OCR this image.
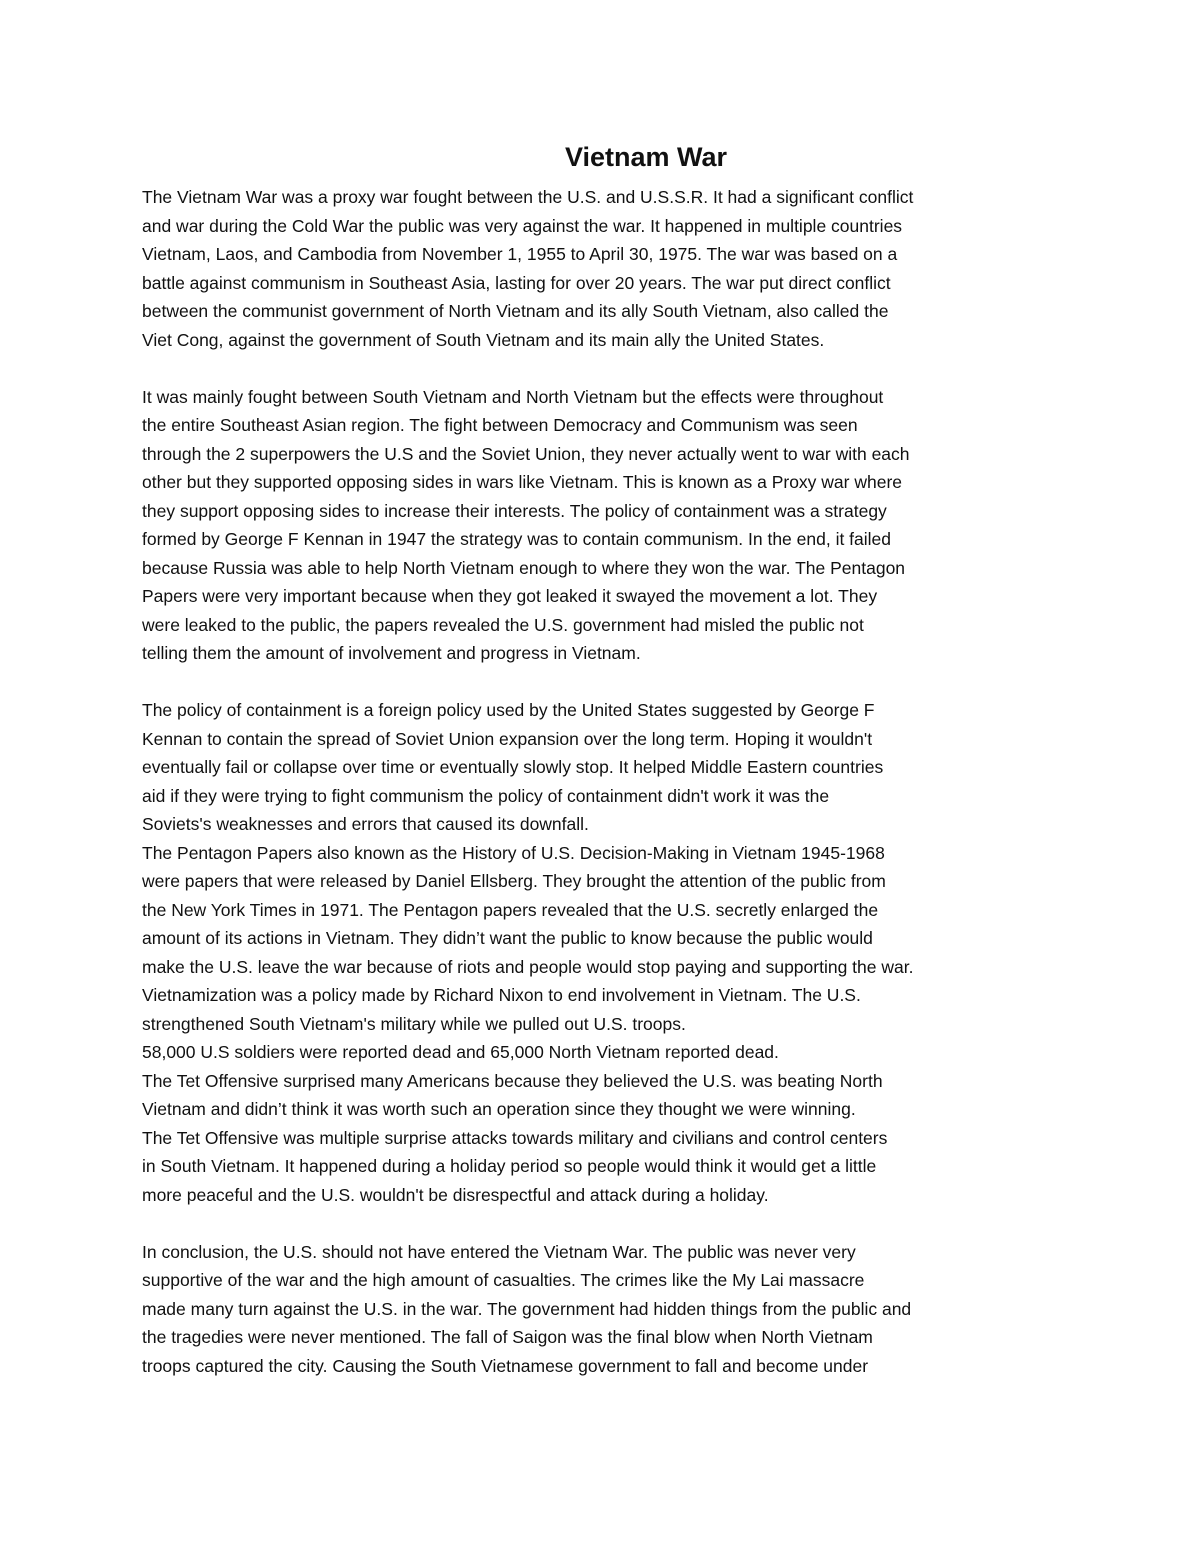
Vietnam War
The Vietnam War was a proxy war fought between the U.S. and U.S.S.R. It had a significant conflict
and war during the Cold War the public was very against the war. It happened in multiple countries
Vietnam, Laos, and Cambodia from November 1, 1955 to April 30, 1975. The war was based on a
battle against communism in Southeast Asia, lasting for over 20 years. The war put direct conflict
between the communist government of North Vietnam and its ally South Vietnam, also called the
Viet Cong, against the government of South Vietnam and its main ally the United States.
It was mainly fought between South Vietnam and North Vietnam but the effects were throughout
the entire Southeast Asian region. The fight between Democracy and Communism was seen
through the 2 superpowers the U.S and the Soviet Union, they never actually went to war with each
other but they supported opposing sides in wars like Vietnam. This is known as a Proxy war where
they support opposing sides to increase their interests. The policy of containment was a strategy
formed by George F Kennan in 1947 the strategy was to contain communism. In the end, it failed
because Russia was able to help North Vietnam enough to where they won the war. The Pentagon
Papers were very important because when they got leaked it swayed the movement a lot. They
were leaked to the public, the papers revealed the U.S. government had misled the public not
telling them the amount of involvement and progress in Vietnam.
The policy of containment is a foreign policy used by the United States suggested by George F
Kennan to contain the spread of Soviet Union expansion over the long term. Hoping it wouldn't
eventually fail or collapse over time or eventually slowly stop. It helped Middle Eastern countries
aid if they were trying to fight communism the policy of containment didn't work it was the
Soviets's weaknesses and errors that caused its downfall.
The Pentagon Papers also known as the History of U.S. Decision-Making in Vietnam 1945-1968
were papers that were released by Daniel Ellsberg. They brought the attention of the public from
the New York Times in 1971. The Pentagon papers revealed that the U.S. secretly enlarged the
amount of its actions in Vietnam. They didn’t want the public to know because the public would
make the U.S. leave the war because of riots and people would stop paying and supporting the war.
Vietnamization was a policy made by Richard Nixon to end involvement in Vietnam. The U.S.
strengthened South Vietnam's military while we pulled out U.S. troops.
58,000 U.S soldiers were reported dead and 65,000 North Vietnam reported dead.
The Tet Offensive surprised many Americans because they believed the U.S. was beating North
Vietnam and didn’t think it was worth such an operation since they thought we were winning.
The Tet Offensive was multiple surprise attacks towards military and civilians and control centers
in South Vietnam. It happened during a holiday period so people would think it would get a little
more peaceful and the U.S. wouldn't be disrespectful and attack during a holiday.
In conclusion, the U.S. should not have entered the Vietnam War. The public was never very
supportive of the war and the high amount of casualties. The crimes like the My Lai massacre
made many turn against the U.S. in the war. The government had hidden things from the public and
the tragedies were never mentioned. The fall of Saigon was the final blow when North Vietnam
troops captured the city. Causing the South Vietnamese government to fall and become under
